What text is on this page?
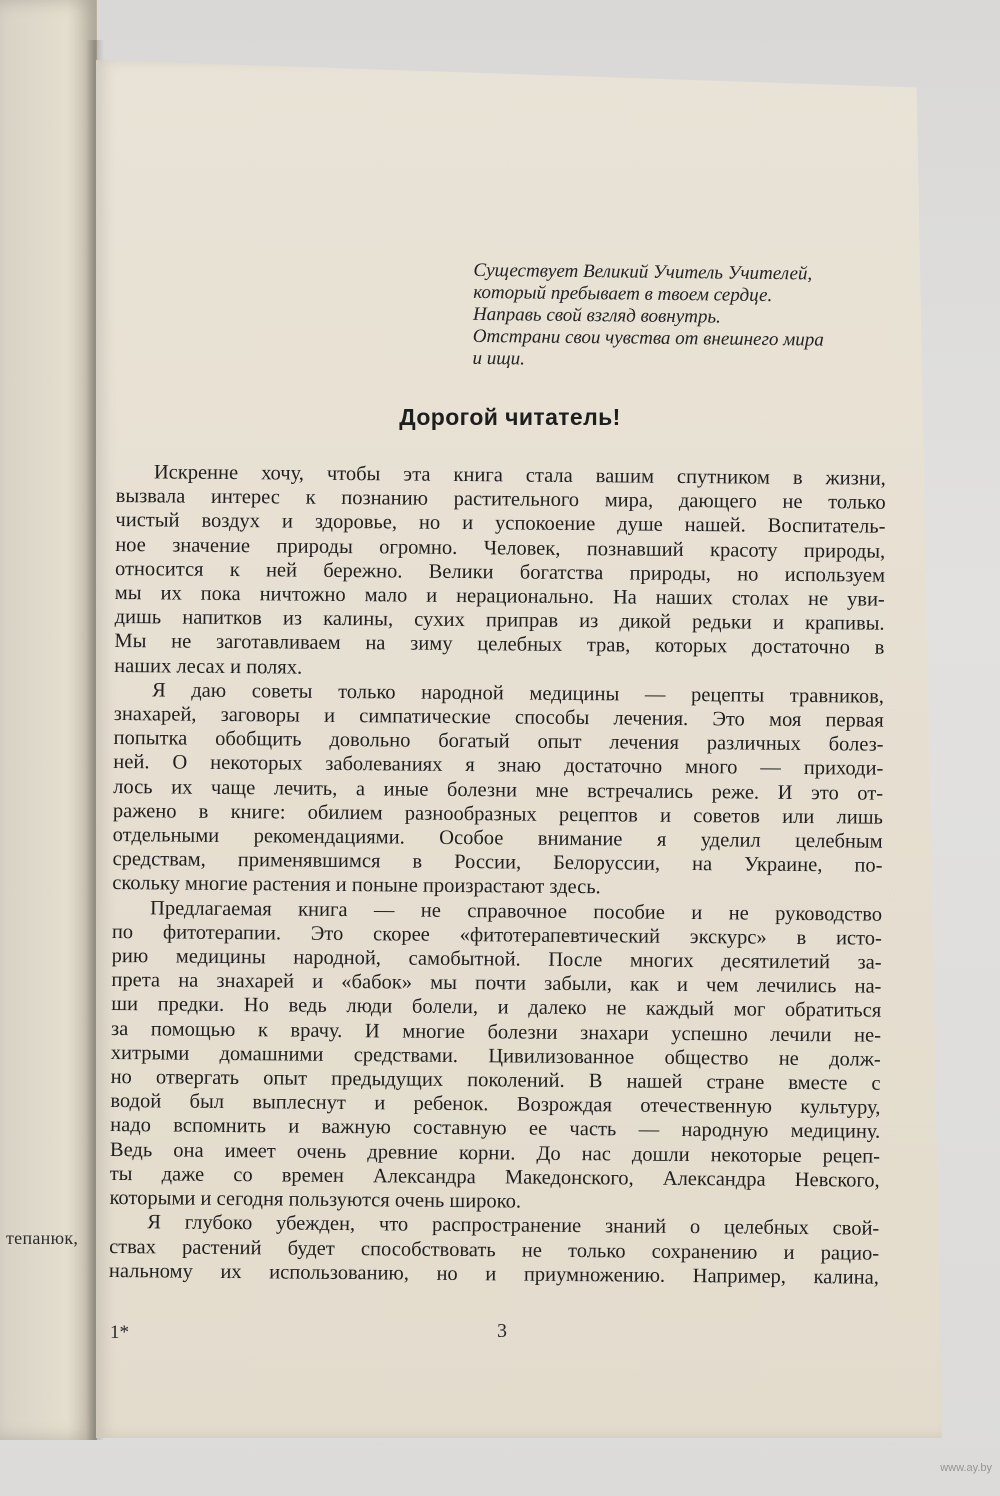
тепанюк,
Существует Великий Учитель Учителей,
который пребывает в твоем сердце.
Направь свой взгляд вовнутрь.
Отстрани свои чувства от внешнего мира
и ищи.
Дорогой читатель!
Искренне хочу, чтобы эта книга стала вашим спутником в жизни,
вызвала интерес к познанию растительного мира, дающего не только
чистый воздух и здоровье, но и успокоение душе нашей. Воспитатель-
ное значение природы огромно. Человек, познавший красоту природы,
относится к ней бережно. Велики богатства природы, но используем
мы их пока ничтожно мало и нерационально. На наших столах не уви-
дишь напитков из калины, сухих приправ из дикой редьки и крапивы.
Мы не заготавливаем на зиму целебных трав, которых достаточно в
наших лесах и полях.
Я даю советы только народной медицины — рецепты травников,
знахарей, заговоры и симпатические способы лечения. Это моя первая
попытка обобщить довольно богатый опыт лечения различных болез-
ней. О некоторых заболеваниях я знаю достаточно много — приходи-
лось их чаще лечить, а иные болезни мне встречались реже. И это от-
ражено в книге: обилием разнообразных рецептов и советов или лишь
отдельными рекомендациями. Особое внимание я уделил целебным
средствам, применявшимся в России, Белоруссии, на Украине, по-
скольку многие растения и поныне произрастают здесь.
Предлагаемая книга — не справочное пособие и не руководство
по фитотерапии. Это скорее «фитотерапевтический экскурс» в исто-
рию медицины народной, самобытной. После многих десятилетий за-
прета на знахарей и «бабок» мы почти забыли, как и чем лечились на-
ши предки. Но ведь люди болели, и далеко не каждый мог обратиться
за помощью к врачу. И многие болезни знахари успешно лечили не-
хитрыми домашними средствами. Цивилизованное общество не долж-
но отвергать опыт предыдущих поколений. В нашей стране вместе с
водой был выплеснут и ребенок. Возрождая отечественную культуру,
надо вспомнить и важную составную ее часть — народную медицину.
Ведь она имеет очень древние корни. До нас дошли некоторые рецеп-
ты даже со времен Александра Македонского, Александра Невского,
которыми и сегодня пользуются очень широко.
Я глубоко убежден, что распространение знаний о целебных свой-
ствах растений будет способствовать не только сохранению и рацио-
нальному их использованию, но и приумножению. Например, калина,
1*	3
www.ay.by
